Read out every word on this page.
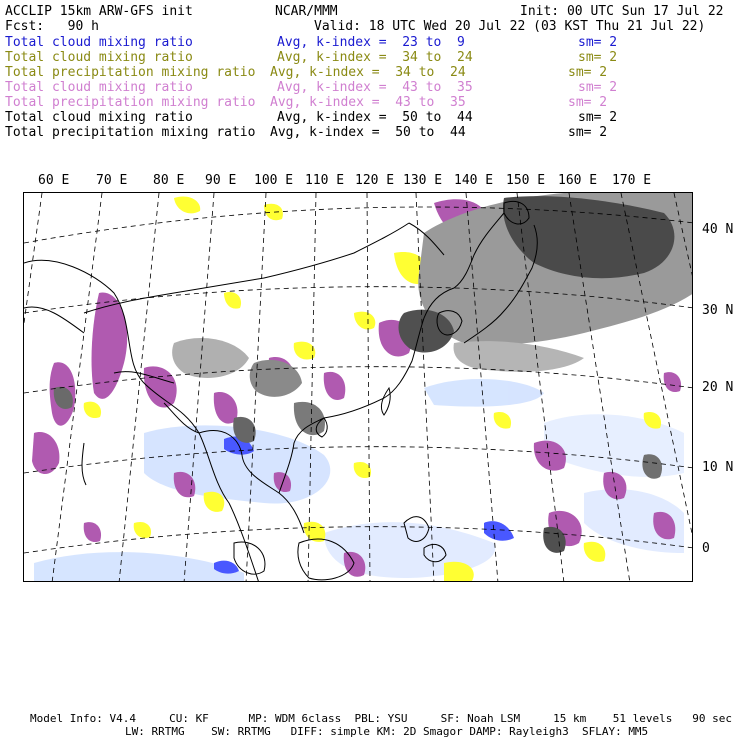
ACCLIP 15km ARW-GFS init	NCAR/MMM	Init: 00 UTC Sun 17 Jul 22
Fcst:   90 h	Valid: 18 UTC Wed 20 Jul 22 (03 KST Thu 21 Jul 22)
Total cloud mixing ratio	Avg, k-index =  23 to  9	sm= 2
Total cloud mixing ratio	Avg, k-index =  34 to  24	sm= 2
Total precipitation mixing ratio Avg, k-index =  34 to  24	sm= 2
Total cloud mixing ratio	Avg, k-index =  43 to  35	sm= 2
Total precipitation mixing ratio Avg, k-index =  43 to  35	sm= 2
Total cloud mixing ratio	Avg, k-index =  50 to  44	sm= 2
Total precipitation mixing ratio Avg, k-index =  50 to  44	sm= 2
60 E 70 E 80 E 90 E 100 E 110 E 120 E 130 E 140 E 150 E 160 E 170 E
40 N
30 N
20 N
10 N
0
Model Info: V4.4     CU: KF      MP: WDM 6class  PBL: YSU     SF: Noah LSM     15 km    51 levels   90 sec
LW: RRTMG    SW: RRTMG   DIFF: simple KM: 2D Smagor DAMP: Rayleigh3  SFLAY: MM5
